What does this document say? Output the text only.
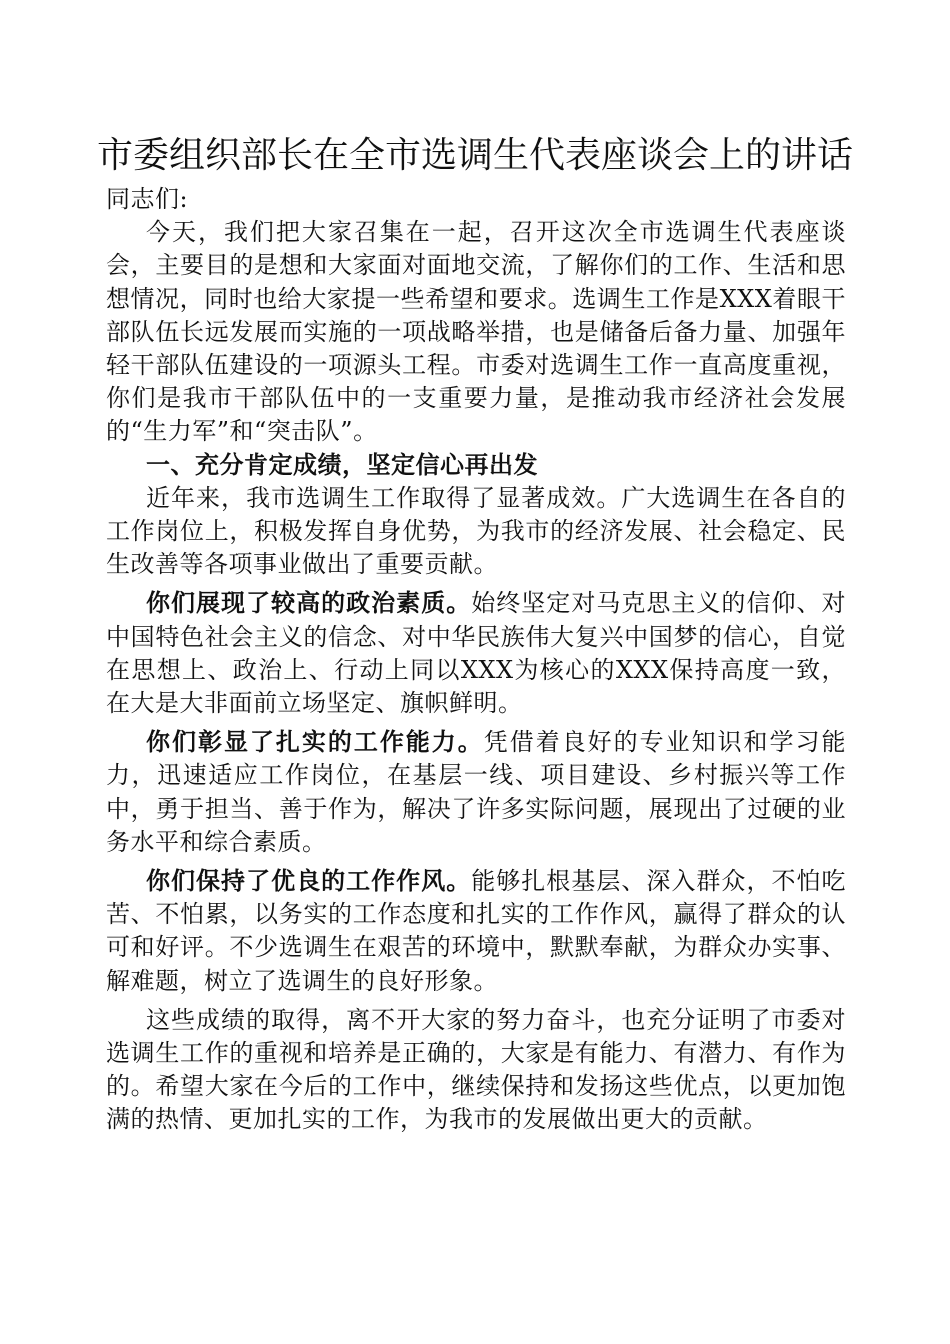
市委组织部长在全市选调生代表座谈会上的讲话

同志们:

今天，我们把大家召集在一起，召开这次全市选调生代表座谈会，主要目的是想和大家面对面地交流，了解你们的工作、生活和思想情况，同时也给大家提一些希望和要求。选调生工作是XXX着眼干部队伍长远发展而实施的一项战略举措，也是储备后备力量、加强年轻干部队伍建设的一项源头工程。市委对选调生工作一直高度重视，你们是我市干部队伍中的一支重要力量，是推动我市经济社会发展的“生力军”和“突击队”。

一、充分肯定成绩，坚定信心再出发

近年来，我市选调生工作取得了显著成效。广大选调生在各自的工作岗位上，积极发挥自身优势，为我市的经济发展、社会稳定、民生改善等各项事业做出了重要贡献。

你们展现了较高的政治素质。始终坚定对马克思主义的信仰、对中国特色社会主义的信念、对中华民族伟大复兴中国梦的信心，自觉在思想上、政治上、行动上同以XXX为核心的XXX保持高度一致，在大是大非面前立场坚定、旗帜鲜明。

你们彰显了扎实的工作能力。凭借着良好的专业知识和学习能力，迅速适应工作岗位，在基层一线、项目建设、乡村振兴等工作中，勇于担当、善于作为，解决了许多实际问题，展现出了过硬的业务水平和综合素质。

你们保持了优良的工作作风。能够扎根基层、深入群众，不怕吃苦、不怕累，以务实的工作态度和扎实的工作作风，赢得了群众的认可和好评。不少选调生在艰苦的环境中，默默奉献，为群众办实事、解难题，树立了选调生的良好形象。

这些成绩的取得，离不开大家的努力奋斗，也充分证明了市委对选调生工作的重视和培养是正确的，大家是有能力、有潜力、有作为的。希望大家在今后的工作中，继续保持和发扬这些优点，以更加饱满的热情、更加扎实的工作，为我市的发展做出更大的贡献。
